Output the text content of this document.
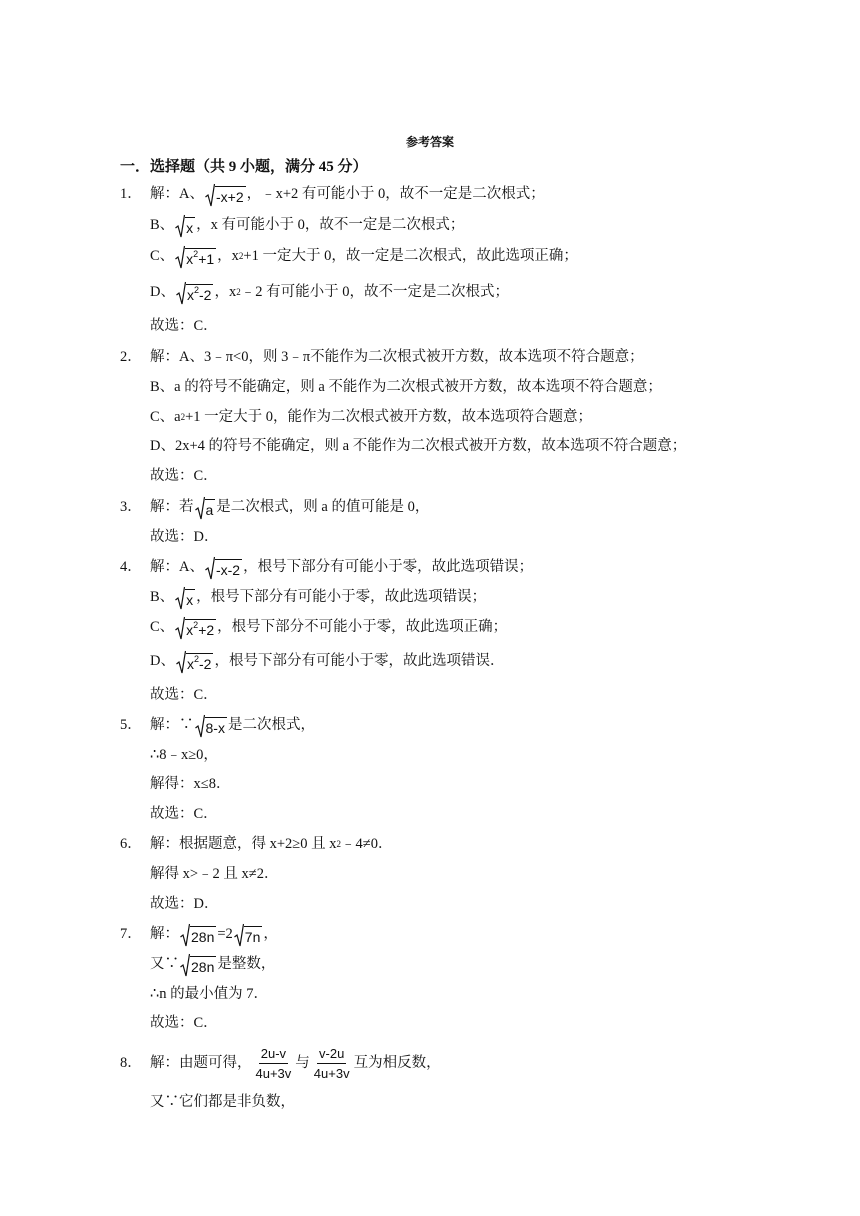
参考答案
一．选择题（共 9 小题，满分 45 分）
1． 解：A、 -x+2 ，﹣x+2 有可能小于 0，故不一定是二次根式；
B、 x ，x 有可能小于 0，故不一定是二次根式；
C、 $x^2+1$ ，x 2 +1 一定大于 0，故一定是二次根式，故此选项正确；
D、 $x^2-2$ ，x 2 ﹣2 有可能小于 0，故不一定是二次根式；
故选：C．
2． 解：A、3﹣π<0，则 3﹣π不能作为二次根式被开方数，故本选项不符合题意；
B、a 的符号不能确定，则 a 不能作为二次根式被开方数，故本选项不符合题意；
C、a 2 +1 一定大于 0，能作为二次根式被开方数，故本选项符合题意；
D、2x+4 的符号不能确定，则 a 不能作为二次根式被开方数，故本选项不符合题意；
故选：C．
3． 解：若 a 是二次根式，则 a 的值可能是 0，
故选：D．
4． 解：A、 -x-2 ，根号下部分有可能小于零，故此选项错误；
B、 x ，根号下部分有可能小于零，故此选项错误；
C、 $x^2+2$ ，根号下部分不可能小于零，故此选项正确；
D、 $x^2-2$ ，根号下部分有可能小于零，故此选项错误．
故选：C．
5． 解：∵ 8-x 是二次根式，
∴8﹣x≥0，
解得：x≤8．
故选：C．
6． 解：根据题意，得 x+2≥0 且 x 2 ﹣4≠0．
解得 x>﹣2 且 x≠2．
故选：D．
7． 解： 28n =2 7n ，
又∵ 28n 是整数，
∴n 的最小值为 7．
故选：C．
8． 解：由题可得， $\frac{2u-v}{4u+3v}$ 与 $\frac{v-2u}{4u+3v}$ 互为相反数，
又∵它们都是非负数，
